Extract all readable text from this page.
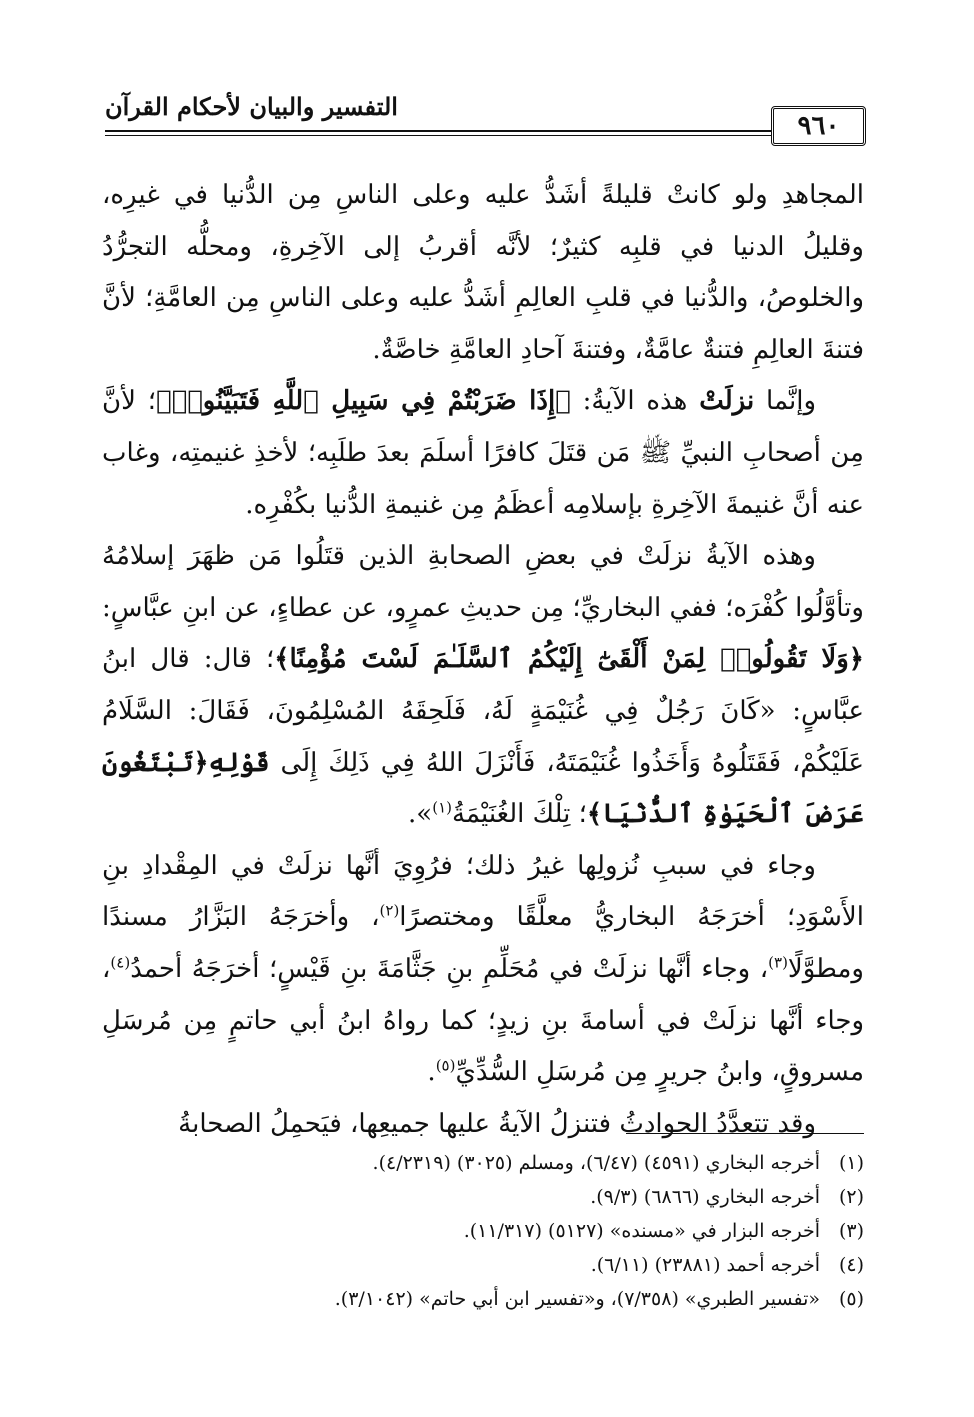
التفسير والبيان لأحكام القرآن
٩٦٠

المجاهدِ ولو كانتْ قليلةً أشَدُّ عليه وعلى الناسِ مِن الدُّنيا في غيرِه، وقليلُ الدنيا في قلبِه كثيرٌ؛ لأنَّه أقربُ إلى الآخِرةِ، ومحلُّه التجرُّدُ والخلوصُ، والدُّنيا في قلبِ العالِمِ أشَدُّ عليه وعلى الناسِ مِن العامَّةِ؛ لأنَّ فتنةَ العالِمِ فتنةٌ عامَّةٌ، وفتنةَ آحادِ العامَّةِ خاصَّةٌ.

وإنَّما نزلَتْ هذه الآيةُ: ﴿إِذَا ضَرَبْتُمْ فِي سَبِيلِ ٱللَّهِ فَتَبَيَّنُوا۟﴾؛ لأنَّ مِن أصحابِ النبيِّ ﷺ مَن قتَلَ كافرًا أسلَمَ بعدَ طلَبِه؛ لأخذِ غنيمتِه، وغاب عنه أنَّ غنيمةَ الآخِرةِ بإسلامِه أعظَمُ مِن غنيمةِ الدُّنيا بكُفْرِه.

وهذه الآيةُ نزلَتْ في بعضِ الصحابةِ الذين قتَلُوا مَن ظهَرَ إسلامُهُ وتأوَّلُوا كُفْرَه؛ ففي البخاريِّ؛ مِن حديثِ عمرٍو، عن عطاءٍ، عن ابنِ عبَّاسٍ: ﴿وَلَا تَقُولُوا۟ لِمَنْ أَلْقَىٰٓ إِلَيْكُمُ ٱلسَّلَـٰمَ لَسْتَ مُؤْمِنًا﴾؛ قال: قال ابنُ عبَّاسٍ: «كَانَ رَجُلٌ فِي غُنَيْمَةٍ لَهُ، فَلَحِقَهُ المُسْلِمُونَ، فَقَالَ: السَّلَامُ عَلَيْكُمْ، فَقَتَلُوهُ وَأَخَذُوا غُنَيْمَتَهُ، فَأَنْزَلَ اللهُ فِي ذَلِكَ إِلَى قَوْلِهِ﴿تَبْتَغُونَ عَرَضَ ٱلْحَيَوٰةِ ٱلدُّنْيَا﴾؛ تِلْكَ الغُنَيْمَةُ$^{(١)}$».

وجاء في سببِ نُزولِها غيرُ ذلك؛ فرُوِيَ أنَّها نزلَتْ في المِقْدادِ بنِ الأَسْوَدِ؛ أخرَجَهُ البخاريُّ معلَّقًا ومختصرًا$^{(٢)}$، وأخرَجَهُ البَزَّارُ مسندًا ومطوَّلًا$^{(٣)}$، وجاء أنَّها نزلَتْ في مُحَلِّمِ بنِ جَثَّامَةَ بنِ قَيْسٍ؛ أخرَجَهُ أحمدُ$^{(٤)}$، وجاء أنَّها نزلَتْ في أسامةَ بنِ زيدٍ؛ كما رواهُ ابنُ أبي حاتمٍ مِن مُرسَلِ مسروقٍ، وابنُ جريرٍ مِن مُرسَلِ السُّدِّيِّ$^{(٥)}$.

وقد تتعدَّدُ الحوادثُ فتنزلُ الآيةُ عليها جميعِها، فيَحمِلُ الصحابةُ

(١)
أخرجه البخاري (٤٥٩١) (٦/٤٧)، ومسلم (٣٠٢٥) (٤/٢٣١٩).
(٢)
أخرجه البخاري (٦٨٦٦) (٩/٣).
(٣)
أخرجه البزار في «مسنده» (٥١٢٧) (١١/٣١٧).
(٤)
أخرجه أحمد (٢٣٨٨١) (٦/١١).
(٥)
«تفسير الطبري» (٧/٣٥٨)، و«تفسير ابن أبي حاتم» (٣/١٠٤٢).
